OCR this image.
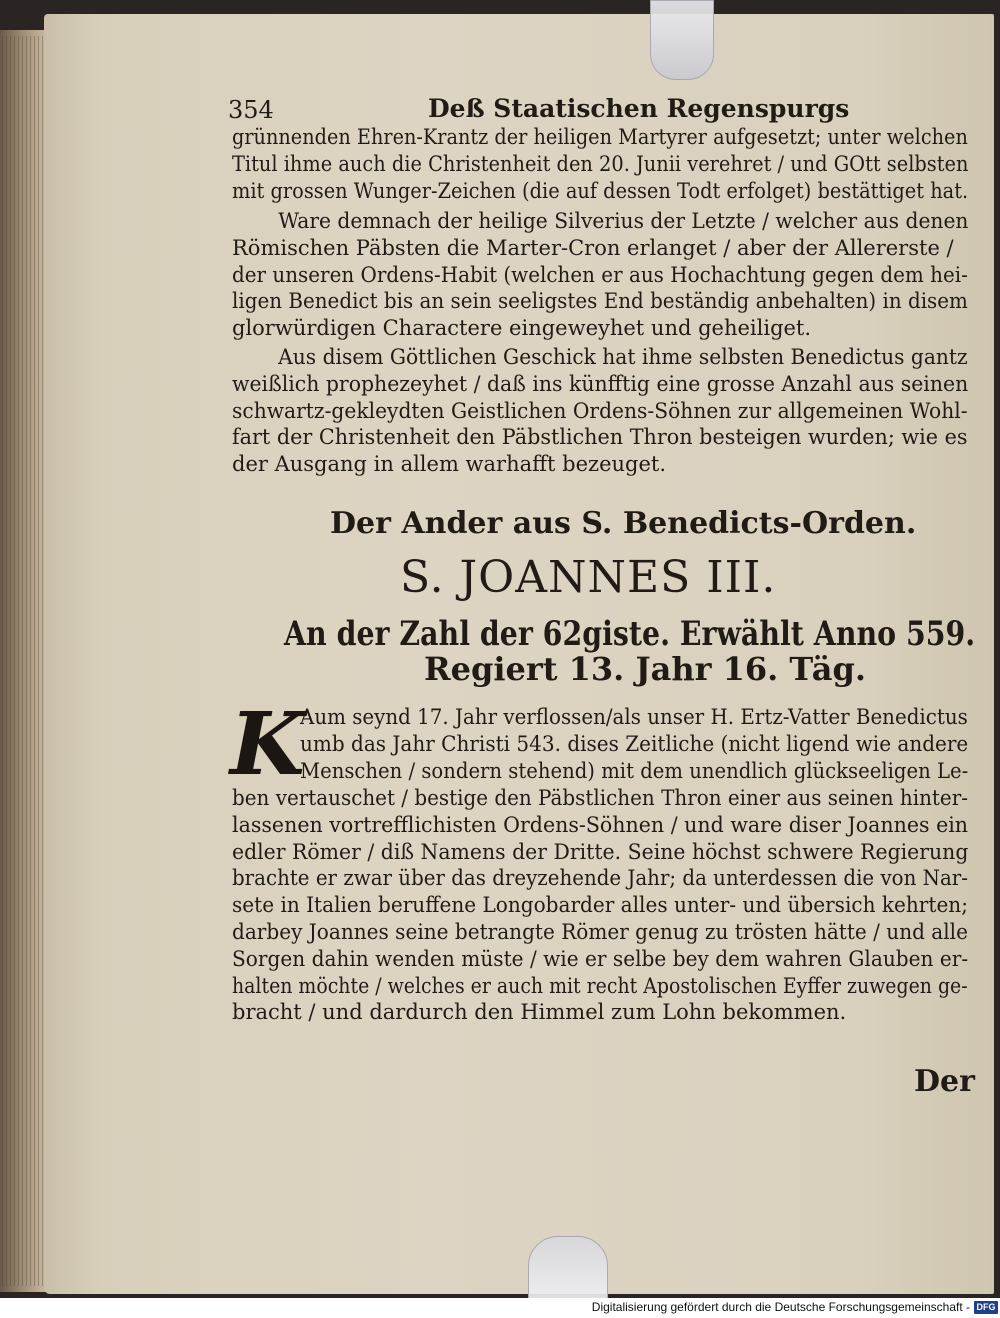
354	Deß Staatischen Regenspurgs
grünnenden Ehren-Krantz der heiligen Martyrer aufgesetzt; unter welchen
Titul ihme auch die Christenheit den 20. Junii verehret / und GOtt selbsten
mit grossen Wunger-Zeichen (die auf dessen Todt erfolget) bestättiget hat.
Ware demnach der heilige Silverius der Letzte / welcher aus denen
Römischen Päbsten die Marter-Cron erlanget / aber der Allererste /
der unseren Ordens-Habit (welchen er aus Hochachtung gegen dem hei-
ligen Benedict bis an sein seeligstes End beständig anbehalten) in disem
glorwürdigen Charactere eingeweyhet und geheiliget.
Aus disem Göttlichen Geschick hat ihme selbsten Benedictus gantz
weißlich prophezeyhet / daß ins künfftig eine grosse Anzahl aus seinen
schwartz-gekleydten Geistlichen Ordens-Söhnen zur allgemeinen Wohl-
fart der Christenheit den Päbstlichen Thron besteigen wurden; wie es
der Ausgang in allem warhafft bezeuget.
Der Ander aus S. Benedicts-Orden.
S. JOANNES III.
An der Zahl der 62giste. Erwählt Anno 559.
Regiert 13. Jahr 16. Täg.
K
Aum seynd 17. Jahr verflossen/als unser H. Ertz-Vatter Benedictus
umb das Jahr Christi 543. dises Zeitliche (nicht ligend wie andere
Menschen / sondern stehend) mit dem unendlich glückseeligen Le-
ben vertauschet / bestige den Päbstlichen Thron einer aus seinen hinter-
lassenen vortrefflichisten Ordens-Söhnen / und ware diser Joannes ein
edler Römer / diß Namens der Dritte. Seine höchst schwere Regierung
brachte er zwar über das dreyzehende Jahr; da unterdessen die von Nar-
sete in Italien beruffene Longobarder alles unter- und übersich kehrten;
darbey Joannes seine betrangte Römer genug zu trösten hätte / und alle
Sorgen dahin wenden müste / wie er selbe bey dem wahren Glauben er-
halten möchte / welches er auch mit recht Apostolischen Eyffer zuwegen ge-
bracht / und dardurch den Himmel zum Lohn bekommen.
Der
Digitalisierung gefördert durch die Deutsche Forschungsgemeinschaft - DFG
